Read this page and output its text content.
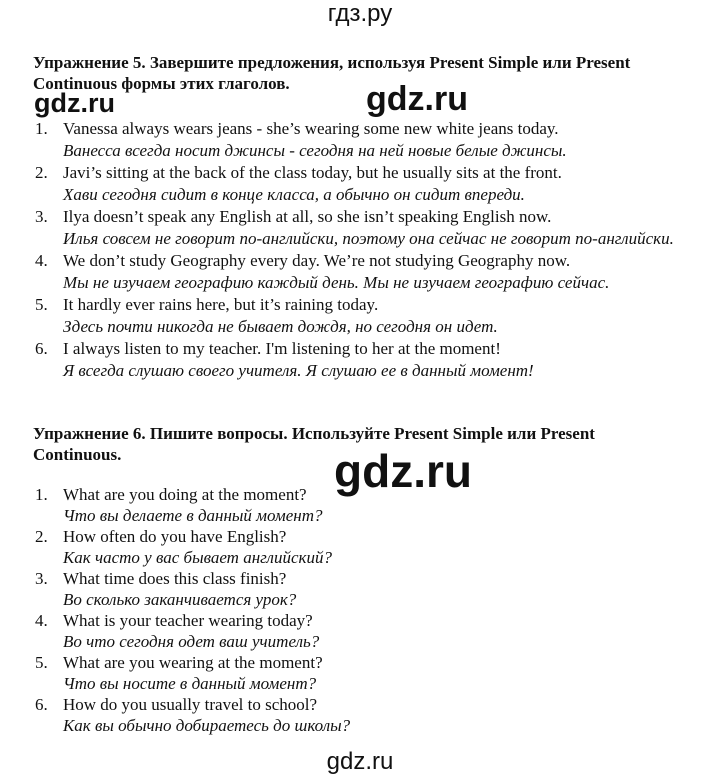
гдз.ру
gdz.ru	gdz.ru
gdz.ru
Упражнение 5. Завершите предложения, используя Present Simple или Present Continuous формы этих глаголов.
1. Vanessa always wears jeans - she’s wearing some new white jeans today.
Ванесса всегда носит джинсы - сегодня на ней новые белые джинсы.
2. Javi’s sitting at the back of the class today, but he usually sits at the front.
Хави сегодня сидит в конце класса, а обычно он сидит впереди.
3. Ilya doesn’t speak any English at all, so she isn’t speaking English now.
Илья совсем не говорит по-английски, поэтому она сейчас не говорит по-английски.
4. We don’t study Geography every day. We’re not studying Geography now.
Мы не изучаем географию каждый день. Мы не изучаем географию сейчас.
5. It hardly ever rains here, but it’s raining today.
Здесь почти никогда не бывает дождя, но сегодня он идет.
6. I always listen to my teacher. I'm listening to her at the moment!
Я всегда слушаю своего учителя. Я слушаю ее в данный момент!
Упражнение 6. Пишите вопросы. Используйте Present Simple или Present Continuous.
1. What are you doing at the moment?
Что вы делаете в данный момент?
2. How often do you have English?
Как часто у вас бывает английский?
3. What time does this class finish?
Во сколько заканчивается урок?
4. What is your teacher wearing today?
Во что сегодня одет ваш учитель?
5. What are you wearing at the moment?
Что вы носите в данный момент?
6. How do you usually travel to school?
Как вы обычно добираетесь до школы?
gdz.ru
